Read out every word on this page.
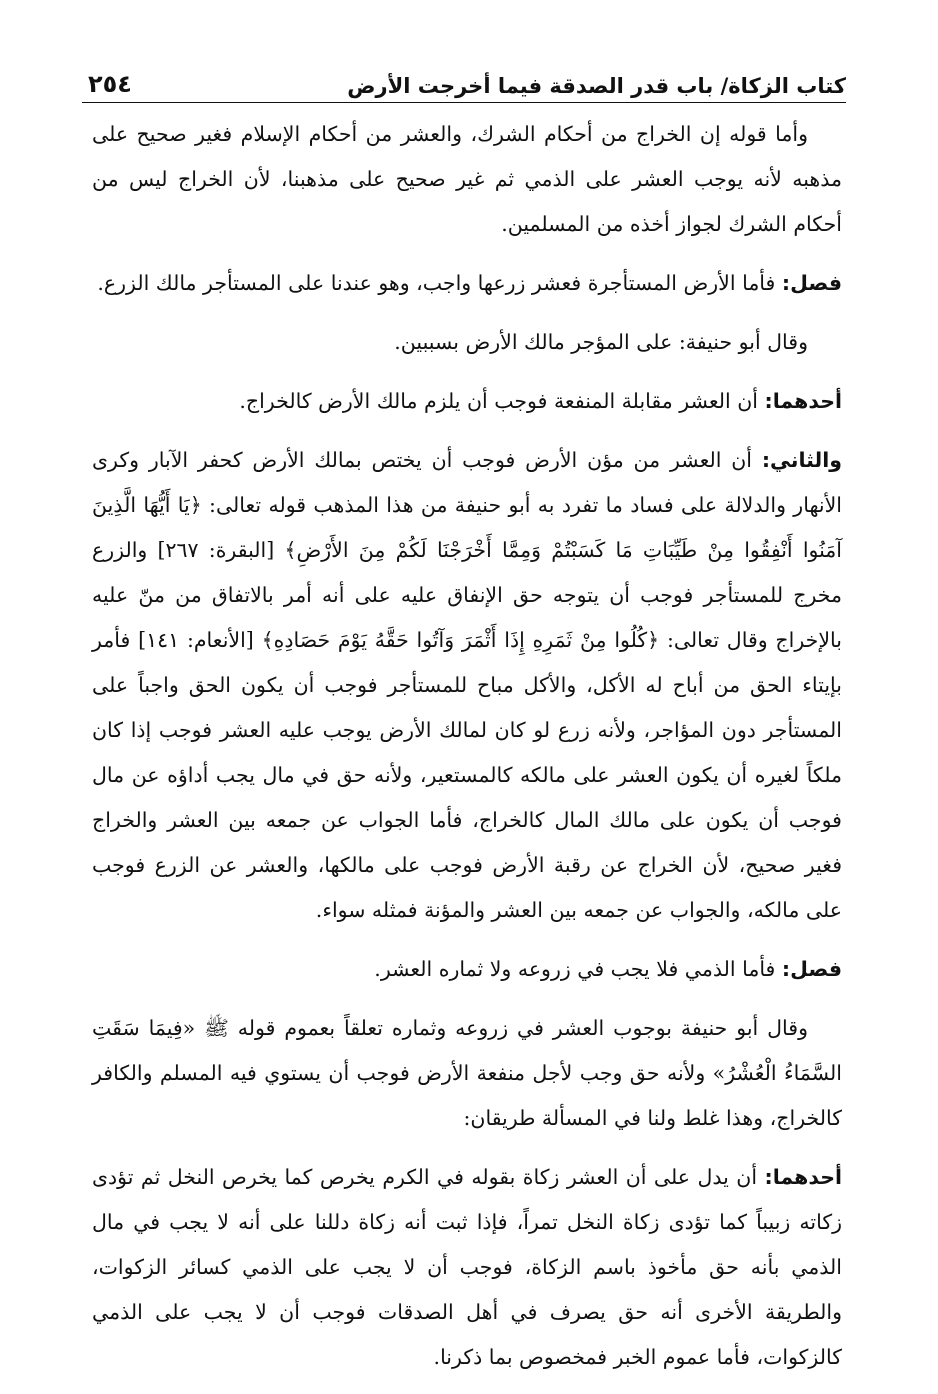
كتاب الزكاة/ باب قدر الصدقة فيما أخرجت الأرض
٢٥٤

وأما قوله إن الخراج من أحكام الشرك، والعشر من أحكام الإسلام فغير صحيح على مذهبه لأنه يوجب العشر على الذمي ثم غير صحيح على مذهبنا، لأن الخراج ليس من أحكام الشرك لجواز أخذه من المسلمين.

فصل: فأما الأرض المستأجرة فعشر زرعها واجب، وهو عندنا على المستأجر مالك الزرع.

وقال أبو حنيفة: على المؤجر مالك الأرض بسببين.

أحدهما: أن العشر مقابلة المنفعة فوجب أن يلزم مالك الأرض كالخراج.

والثاني: أن العشر من مؤن الأرض فوجب أن يختص بمالك الأرض كحفر الآبار وكرى الأنهار والدلالة على فساد ما تفرد به أبو حنيفة من هذا المذهب قوله تعالى: ﴿يَا أَيُّهَا الَّذِينَ آمَنُوا أَنْفِقُوا مِنْ طَيِّبَاتِ مَا كَسَبْتُمْ وَمِمَّا أَخْرَجْنَا لَكُمْ مِنَ الأَرْضِ﴾ [البقرة: ٢٦٧] والزرع مخرج للمستأجر فوجب أن يتوجه حق الإنفاق عليه على أنه أمر بالاتفاق من منّ عليه بالإخراج وقال تعالى: ﴿كُلُوا مِنْ ثَمَرِهِ إِذَا أَثْمَرَ وَآتُوا حَقَّهُ يَوْمَ حَصَادِهِ﴾ [الأنعام: ١٤١] فأمر بإيتاء الحق من أباح له الأكل، والأكل مباح للمستأجر فوجب أن يكون الحق واجباً على المستأجر دون المؤاجر، ولأنه زرع لو كان لمالك الأرض يوجب عليه العشر فوجب إذا كان ملكاً لغيره أن يكون العشر على مالكه كالمستعير، ولأنه حق في مال يجب أداؤه عن مال فوجب أن يكون على مالك المال كالخراج، فأما الجواب عن جمعه بين العشر والخراج فغير صحيح، لأن الخراج عن رقبة الأرض فوجب على مالكها، والعشر عن الزرع فوجب على مالكه، والجواب عن جمعه بين العشر والمؤنة فمثله سواء.

فصل: فأما الذمي فلا يجب في زروعه ولا ثماره العشر.

وقال أبو حنيفة بوجوب العشر في زروعه وثماره تعلقاً بعموم قوله ﷺ «فِيمَا سَقَتِ السَّمَاءُ الْعُشْرُ» ولأنه حق وجب لأجل منفعة الأرض فوجب أن يستوي فيه المسلم والكافر كالخراج، وهذا غلط ولنا في المسألة طريقان:

أحدهما: أن يدل على أن العشر زكاة بقوله في الكرم يخرص كما يخرص النخل ثم تؤدى زكاته زبيباً كما تؤدى زكاة النخل تمراً، فإذا ثبت أنه زكاة دللنا على أنه لا يجب في مال الذمي بأنه حق مأخوذ باسم الزكاة، فوجب أن لا يجب على الذمي كسائر الزكوات، والطريقة الأخرى أنه حق يصرف في أهل الصدقات فوجب أن لا يجب على الذمي كالزكوات، فأما عموم الخبر فمخصوص بما ذكرنا.
